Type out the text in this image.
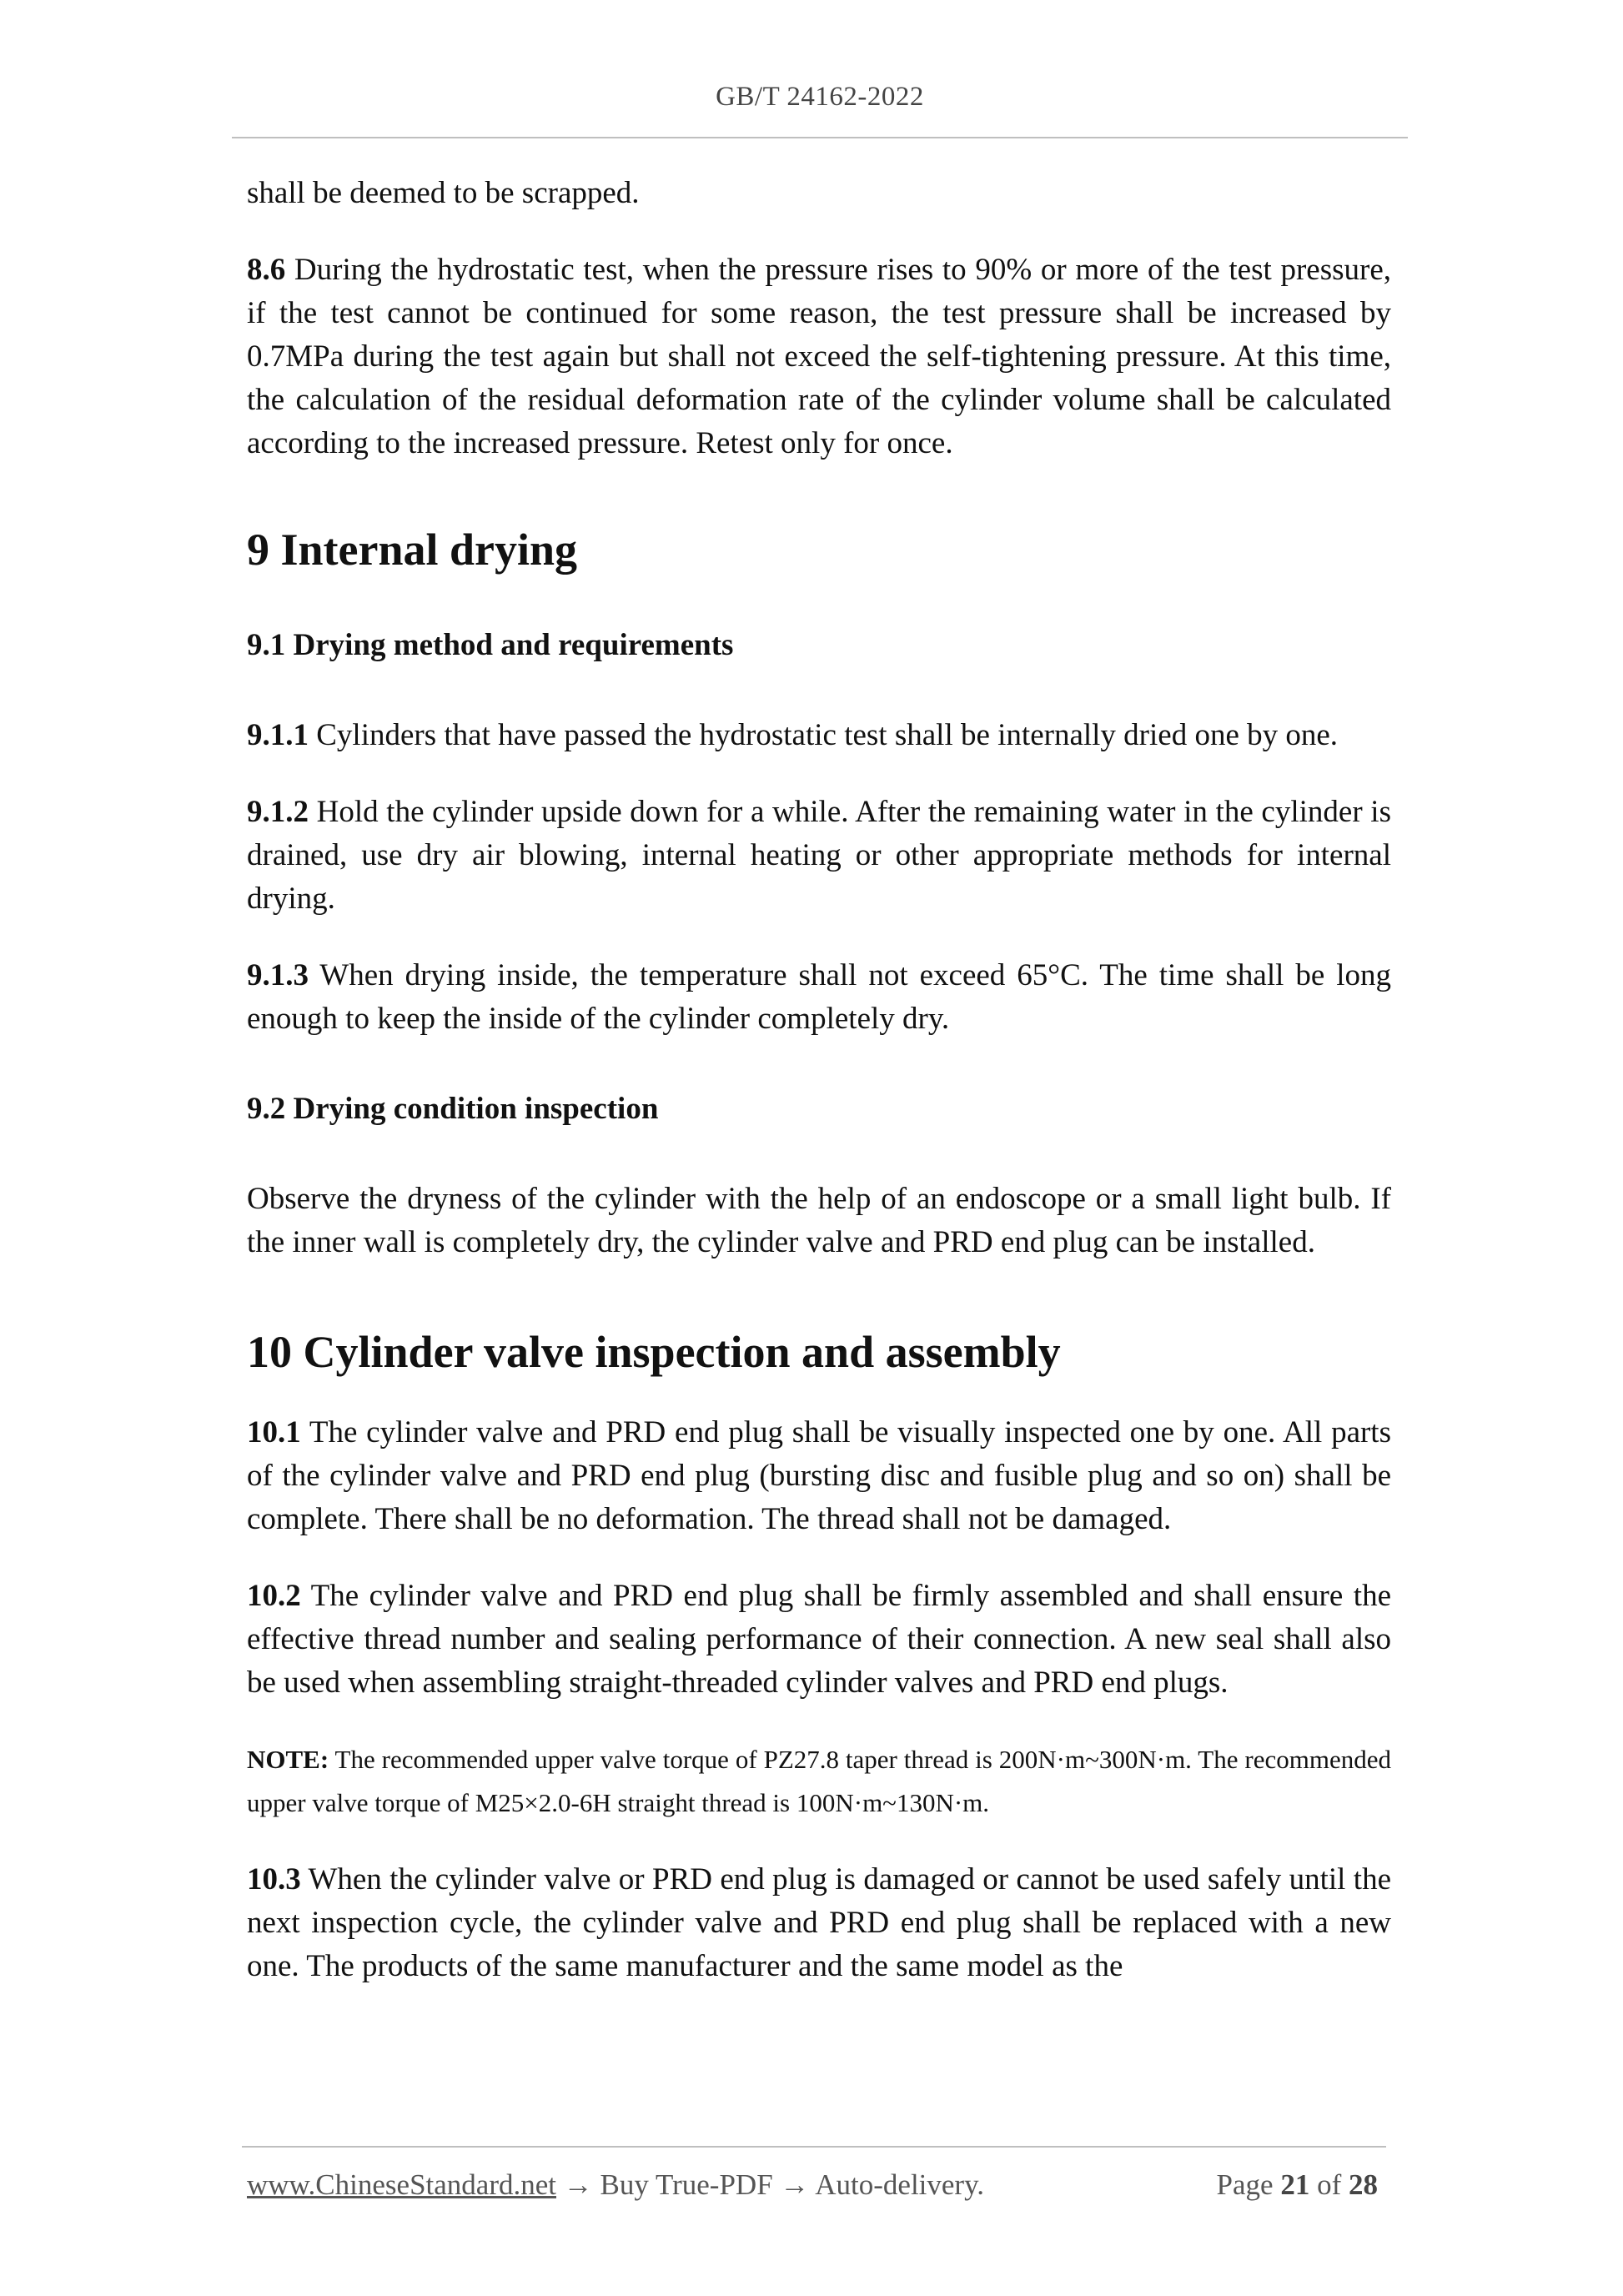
GB/T 24162-2022

shall be deemed to be scrapped.

8.6 During the hydrostatic test, when the pressure rises to 90% or more of the test pressure, if the test cannot be continued for some reason, the test pressure shall be increased by 0.7MPa during the test again but shall not exceed the self-tightening pressure. At this time, the calculation of the residual deformation rate of the cylinder volume shall be calculated according to the increased pressure. Retest only for once.

9 Internal drying
9.1 Drying method and requirements

9.1.1 Cylinders that have passed the hydrostatic test shall be internally dried one by one.

9.1.2 Hold the cylinder upside down for a while. After the remaining water in the cylinder is drained, use dry air blowing, internal heating or other appropriate methods for internal drying.

9.1.3 When drying inside, the temperature shall not exceed 65°C. The time shall be long enough to keep the inside of the cylinder completely dry.

9.2 Drying condition inspection

Observe the dryness of the cylinder with the help of an endoscope or a small light bulb. If the inner wall is completely dry, the cylinder valve and PRD end plug can be installed.

10 Cylinder valve inspection and assembly

10.1 The cylinder valve and PRD end plug shall be visually inspected one by one. All parts of the cylinder valve and PRD end plug (bursting disc and fusible plug and so on) shall be complete. There shall be no deformation. The thread shall not be damaged.

10.2 The cylinder valve and PRD end plug shall be firmly assembled and shall ensure the effective thread number and sealing performance of their connection. A new seal shall also be used when assembling straight-threaded cylinder valves and PRD end plugs.

NOTE: The recommended upper valve torque of PZ27.8 taper thread is 200N·m~300N·m. The recommended upper valve torque of M25×2.0-6H straight thread is 100N·m~130N·m.

10.3 When the cylinder valve or PRD end plug is damaged or cannot be used safely until the next inspection cycle, the cylinder valve and PRD end plug shall be replaced with a new one. The products of the same manufacturer and the same model as the

www.ChineseStandard.net → Buy True-PDF → Auto-delivery.	Page 21 of 28
